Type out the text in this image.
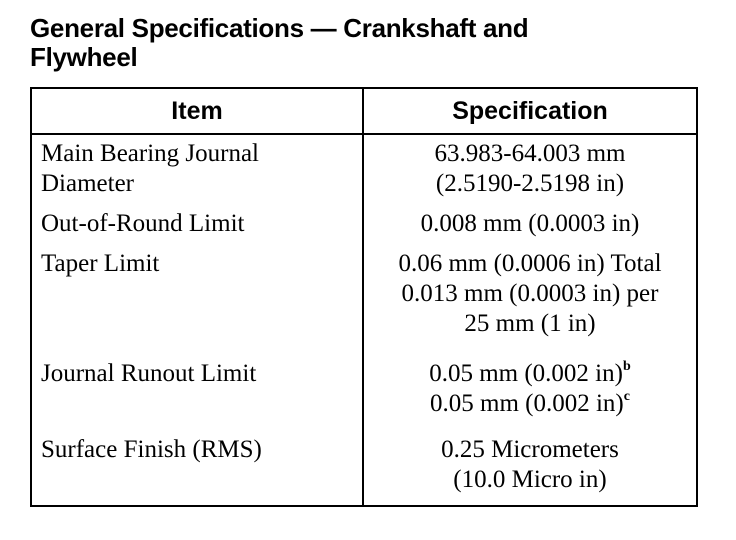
General Specifications — Crankshaft and Flywheel
Item	Specification

Main Bearing Journal
Diameter	63.983-64.003 mm
(2.5190-2.5198 in)

Out-of-Round Limit	0.008 mm (0.0003 in)

Taper Limit	0.06 mm (0.0006 in) Total
0.013 mm (0.0003 in) per
25 mm (1 in)

Journal Runout Limit	0.05 mm (0.002 in)$^b$
0.05 mm (0.002 in)$^c$

Surface Finish (RMS)	0.25 Micrometers
(10.0 Micro in)
